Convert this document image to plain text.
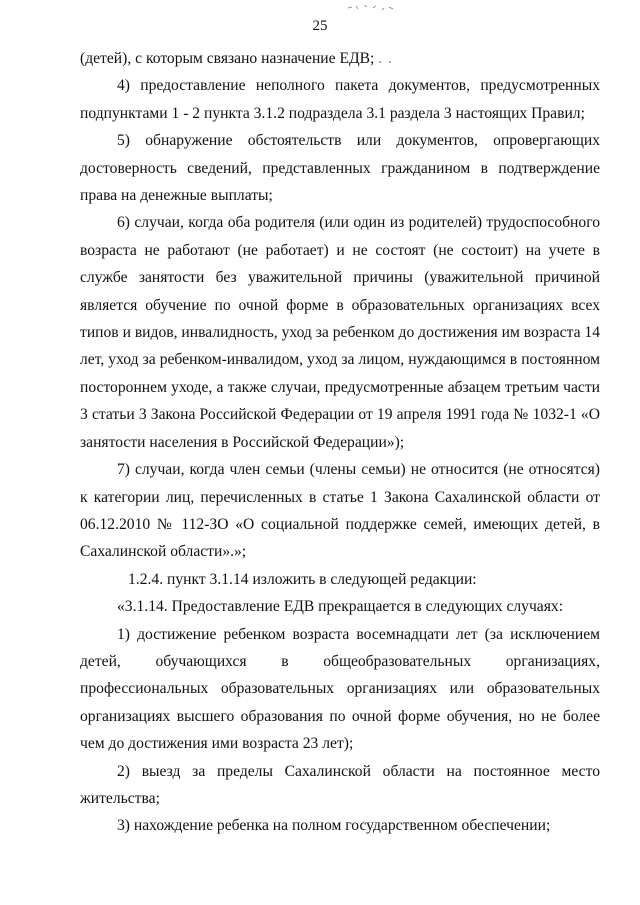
25

(детей), с которым связано назначение ЕДВ; . .

4) предоставление неполного пакета документов, предусмотренных подпунктами 1 - 2 пункта 3.1.2 подраздела 3.1 раздела 3 настоящих Правил;

5) обнаружение обстоятельств или документов, опровергающих достоверность сведений, представленных гражданином в подтверждение права на денежные выплаты;

6) случаи, когда оба родителя (или один из родителей) трудоспособного возраста не работают (не работает) и не состоят (не состоит) на учете в службе занятости без уважительной причины (уважительной причиной является обучение по очной форме в образовательных организациях всех типов и видов, инвалидность, уход за ребенком до достижения им возраста 14 лет, уход за ребенком-инвалидом, уход за лицом, нуждающимся в постоянном постороннем уходе, а также случаи, предусмотренные абзацем третьим части 3 статьи 3 Закона Российской Федерации от 19 апреля 1991 года № 1032-1 «О занятости населения в Российской Федерации»);

7) случаи, когда член семьи (члены семьи) не относится (не относятся) к категории лиц, перечисленных в статье 1 Закона Сахалинской области от 06.12.2010 № 112-ЗО «О социальной поддержке семей, имеющих детей, в Сахалинской области».»;

1.2.4. пункт 3.1.14 изложить в следующей редакции:

«3.1.14. Предоставление ЕДВ прекращается в следующих случаях:

1) достижение ребенком возраста восемнадцати лет (за исключением детей, обучающихся в общеобразовательных организациях, профессиональных образовательных организациях или образовательных организациях высшего образования по очной форме обучения, но не более чем до достижения ими возраста 23 лет);

2) выезд за пределы Сахалинской области на постоянное место жительства;

3) нахождение ребенка на полном государственном обеспечении;
